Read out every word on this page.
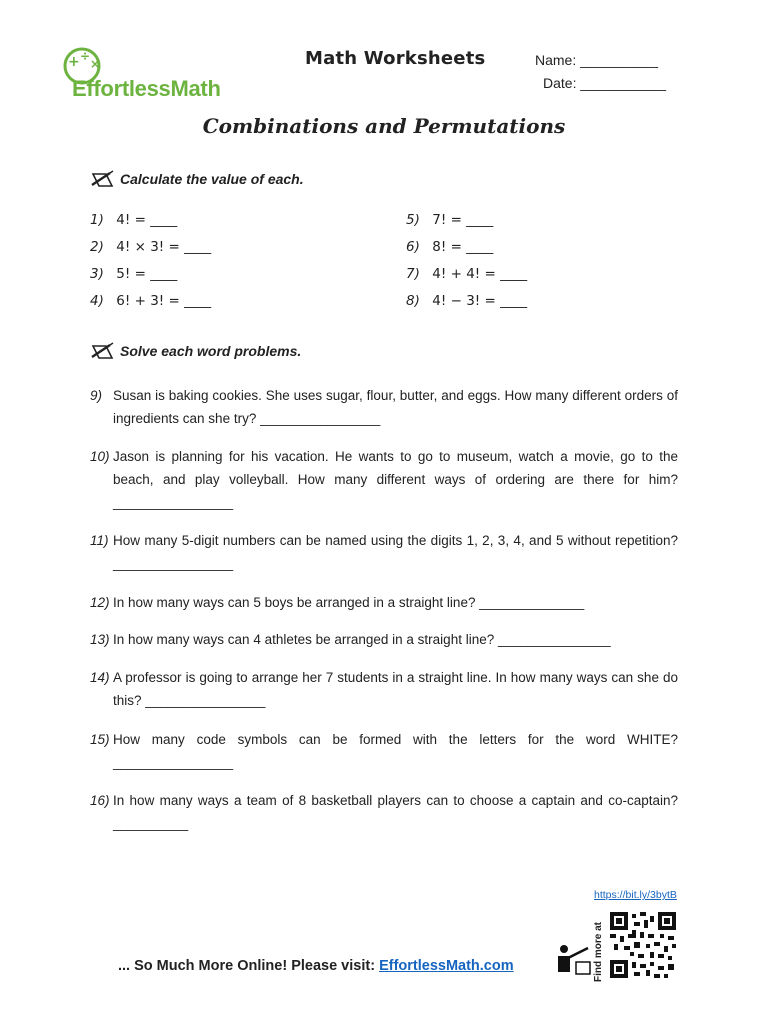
+ ÷
×
EffortlessMath
Math Worksheets	Name: __________
Date: ___________
Combinations and Permutations
Calculate the value of each.
1) 4! = ____
2) 4! × 3! = ____
3) 5! = ____
4) 6! + 3! = ____
5) 7! = ____
6) 8! = ____
7) 4! + 4! = ____
8) 4! − 3! = ____
Solve each word problems.
9) Susan is baking cookies. She uses sugar, flour, butter, and eggs. How many different orders of ingredients can she try? ________________
10) Jason is planning for his vacation. He wants to go to museum, watch a movie, go to the beach, and play volleyball. How many different ways of ordering are there for him? ________________
11) How many 5-digit numbers can be named using the digits 1, 2, 3, 4, and 5 without repetition? ________________
12) In how many ways can 5 boys be arranged in a straight line? ______________
13) In how many ways can 4 athletes be arranged in a straight line? _______________
14) A professor is going to arrange her 7 students in a straight line. In how many ways can she do this? ________________
15) How many code symbols can be formed with the letters for the word WHITE? ________________
16) In how many ways a team of 8 basketball players can to choose a captain and co-captain? __________
... So Much More Online! Please visit: EffortlessMath.com	Find more at
https://bit.ly/3bytB
